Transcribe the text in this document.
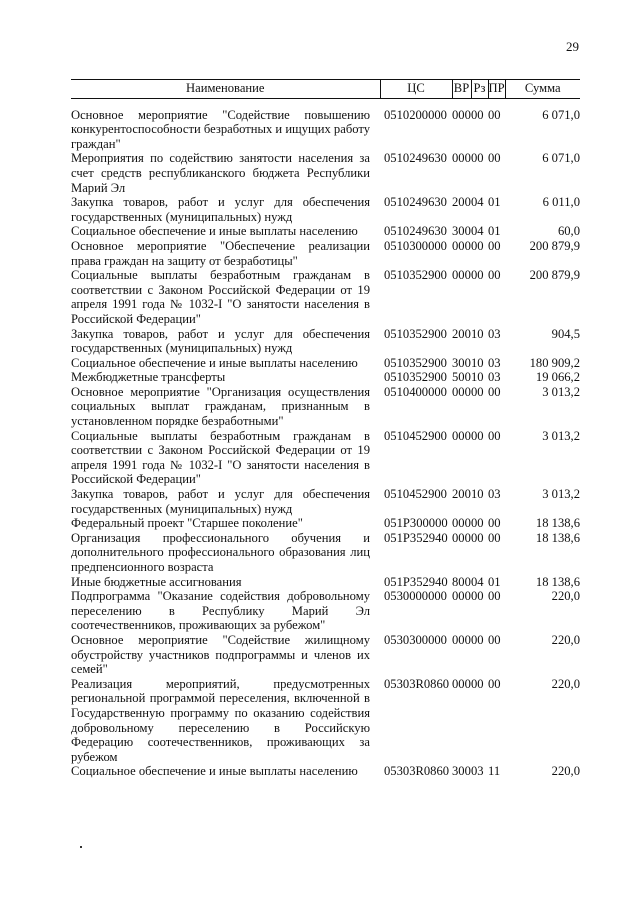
29
Наименование	ЦС	ВР	Рз	ПР	Сумма
Основное мероприятие "Содействие повышению конкурентоспособности безработных и ищущих работу граждан"	0510200000	000	00	00	6 071,0
Мероприятия по содействию занятости населения за счет средств республиканского бюджета Республики Марий Эл	0510249630	000	00	00	6 071,0
Закупка товаров, работ и услуг для обеспечения государственных (муниципальных) нужд	0510249630	200	04	01	6 011,0
Социальное обеспечение и иные выплаты населению	0510249630	300	04	01	60,0
Основное мероприятие "Обеспечение реализации права граждан на защиту от безработицы"	0510300000	000	00	00	200 879,9
Социальные выплаты безработным гражданам в соответствии с Законом Российской Федерации от 19 апреля 1991 года № 1032-I "О занятости населения в Российской Федерации"	0510352900	000	00	00	200 879,9
Закупка товаров, работ и услуг для обеспечения государственных (муниципальных) нужд	0510352900	200	10	03	904,5
Социальное обеспечение и иные выплаты населению	0510352900	300	10	03	180 909,2
Межбюджетные трансферты	0510352900	500	10	03	19 066,2
Основное мероприятие "Организация осуществления социальных выплат гражданам, признанным в установленном порядке безработными"	0510400000	000	00	00	3 013,2
Социальные выплаты безработным гражданам в соответствии с Законом Российской Федерации от 19 апреля 1991 года № 1032-I "О занятости населения в Российской Федерации"	0510452900	000	00	00	3 013,2
Закупка товаров, работ и услуг для обеспечения государственных (муниципальных) нужд	0510452900	200	10	03	3 013,2
Федеральный проект "Старшее поколение"	051P300000	000	00	00	18 138,6
Организация профессионального обучения и дополнительного профессионального образования лиц предпенсионного возраста	051P352940	000	00	00	18 138,6
Иные бюджетные ассигнования	051P352940	800	04	01	18 138,6
Подпрограмма "Оказание содействия добровольному переселению в Республику Марий Эл соотечественников, проживающих за рубежом"	0530000000	000	00	00	220,0
Основное мероприятие "Содействие жилищному обустройству участников подпрограммы и членов их семей"	0530300000	000	00	00	220,0
Реализация мероприятий, предусмотренных региональной программой переселения, включенной в Государственную программу по оказанию содействия добровольному переселению в Российскую Федерацию соотечественников, проживающих за рубежом	05303R0860	000	00	00	220,0
Социальное обеспечение и иные выплаты населению	05303R0860	300	03	11	220,0
